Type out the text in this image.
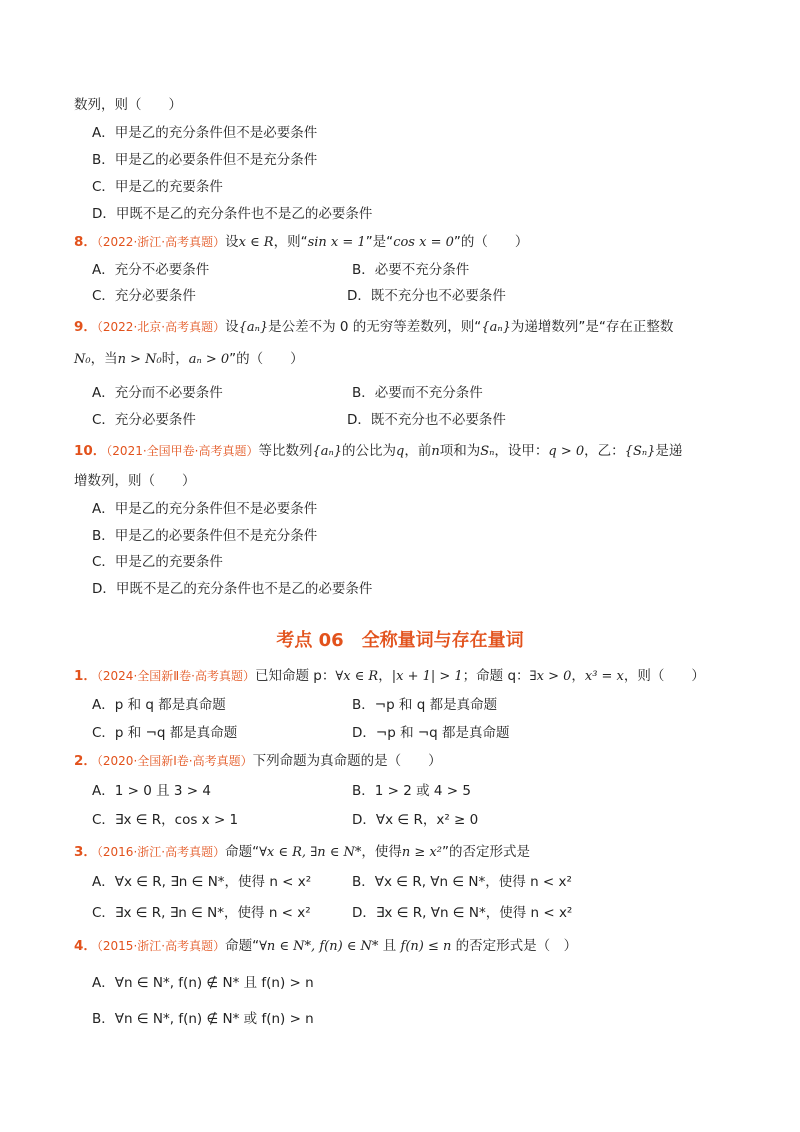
数列，则（　　）
A．甲是乙的充分条件但不是必要条件
B．甲是乙的必要条件但不是充分条件
C．甲是乙的充要条件
D．甲既不是乙的充分条件也不是乙的必要条件
8．（2022·浙江·高考真题）设x ∈ R，则“sin x = 1”是“cos x = 0”的（　　）
A．充分不必要条件	B．必要不充分条件
C．充分必要条件	D．既不充分也不必要条件
9．（2022·北京·高考真题）设{aₙ}是公差不为 0 的无穷等差数列，则“{aₙ}为递增数列”是“存在正整数
N₀，当n > N₀时，aₙ > 0”的（　　）
A．充分而不必要条件	B．必要而不充分条件
C．充分必要条件	D．既不充分也不必要条件
10．（2021·全国甲卷·高考真题）等比数列{aₙ}的公比为q，前n项和为Sₙ，设甲：q > 0，乙：{Sₙ}是递
增数列，则（　　）
A．甲是乙的充分条件但不是必要条件
B．甲是乙的必要条件但不是充分条件
C．甲是乙的充要条件
D．甲既不是乙的充分条件也不是乙的必要条件
考点 06　全称量词与存在量词
1．（2024·全国新Ⅱ卷·高考真题）已知命题 p：∀x ∈ R，|x + 1| > 1；命题 q：∃x > 0，x³ = x，则（　　）
A．p 和 q 都是真命题	B．¬p 和 q 都是真命题
C．p 和 ¬q 都是真命题	D．¬p 和 ¬q 都是真命题
2．（2020·全国新Ⅰ卷·高考真题）下列命题为真命题的是（　　）
A．1 > 0 且 3 > 4	B．1 > 2 或 4 > 5
C．∃x ∈ R，cos x > 1	D．∀x ∈ R，x² ≥ 0
3．（2016·浙江·高考真题）命题“∀x ∈ R, ∃n ∈ N*，使得n ≥ x²”的否定形式是
A．∀x ∈ R, ∃n ∈ N*，使得 n < x²	B．∀x ∈ R, ∀n ∈ N*，使得 n < x²
C．∃x ∈ R, ∃n ∈ N*，使得 n < x²	D．∃x ∈ R, ∀n ∈ N*，使得 n < x²
4．（2015·浙江·高考真题）命题“∀n ∈ N*, f(n) ∈ N* 且 f(n) ≤ n 的否定形式是（　）
A．∀n ∈ N*, f(n) ∉ N* 且 f(n) > n
B．∀n ∈ N*, f(n) ∉ N* 或 f(n) > n
